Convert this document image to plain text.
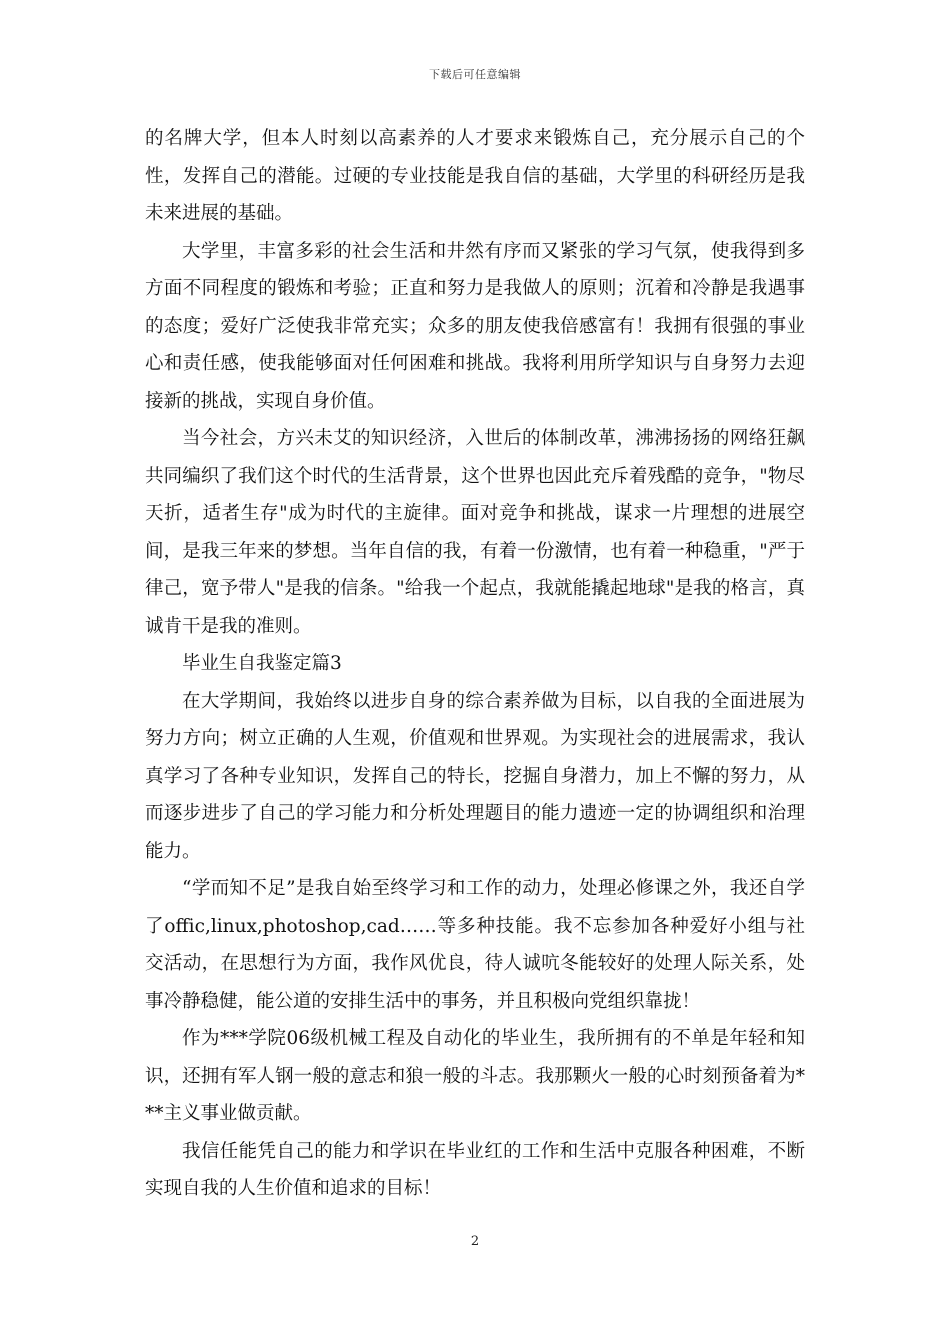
下载后可任意编辑

的名牌大学，但本人时刻以高素养的人才要求来锻炼自己，充分展示自己的个性，发挥自己的潜能。过硬的专业技能是我自信的基础，大学里的科研经历是我未来进展的基础。

大学里，丰富多彩的社会生活和井然有序而又紧张的学习气氛，使我得到多方面不同程度的锻炼和考验；正直和努力是我做人的原则；沉着和冷静是我遇事的态度；爱好广泛使我非常充实；众多的朋友使我倍感富有！我拥有很强的事业心和责任感，使我能够面对任何困难和挑战。我将利用所学知识与自身努力去迎接新的挑战，实现自身价值。

当今社会，方兴未艾的知识经济，入世后的体制改革，沸沸扬扬的网络狂飙共同编织了我们这个时代的生活背景，这个世界也因此充斥着残酷的竞争，"物尽天折，适者生存"成为时代的主旋律。面对竞争和挑战，谋求一片理想的进展空间，是我三年来的梦想。当年自信的我，有着一份激情，也有着一种稳重，"严于律己，宽予带人"是我的信条。"给我一个起点，我就能撬起地球"是我的格言，真诚肯干是我的准则。

毕业生自我鉴定篇3

在大学期间，我始终以进步自身的综合素养做为目标，以自我的全面进展为努力方向；树立正确的人生观，价值观和世界观。为实现社会的进展需求，我认真学习了各种专业知识，发挥自己的特长，挖掘自身潜力，加上不懈的努力，从而逐步进步了自己的学习能力和分析处理题目的能力遗迹一定的协调组织和治理能力。

“学而知不足”是我自始至终学习和工作的动力，处理必修课之外，我还自学了offic,linux,photoshop,cad……等多种技能。我不忘参加各种爱好小组与社交活动，在思想行为方面，我作风优良，待人诚吭冬能较好的处理人际关系，处事冷静稳健，能公道的安排生活中的事务，并且积极向党组织靠拢！

作为***学院06级机械工程及自动化的毕业生，我所拥有的不单是年轻和知识，还拥有军人钢一般的意志和狼一般的斗志。我那颗火一般的心时刻预备着为***主义事业做贡献。

我信任能凭自己的能力和学识在毕业红的工作和生活中克服各种困难，不断实现自我的人生价值和追求的目标！

2
